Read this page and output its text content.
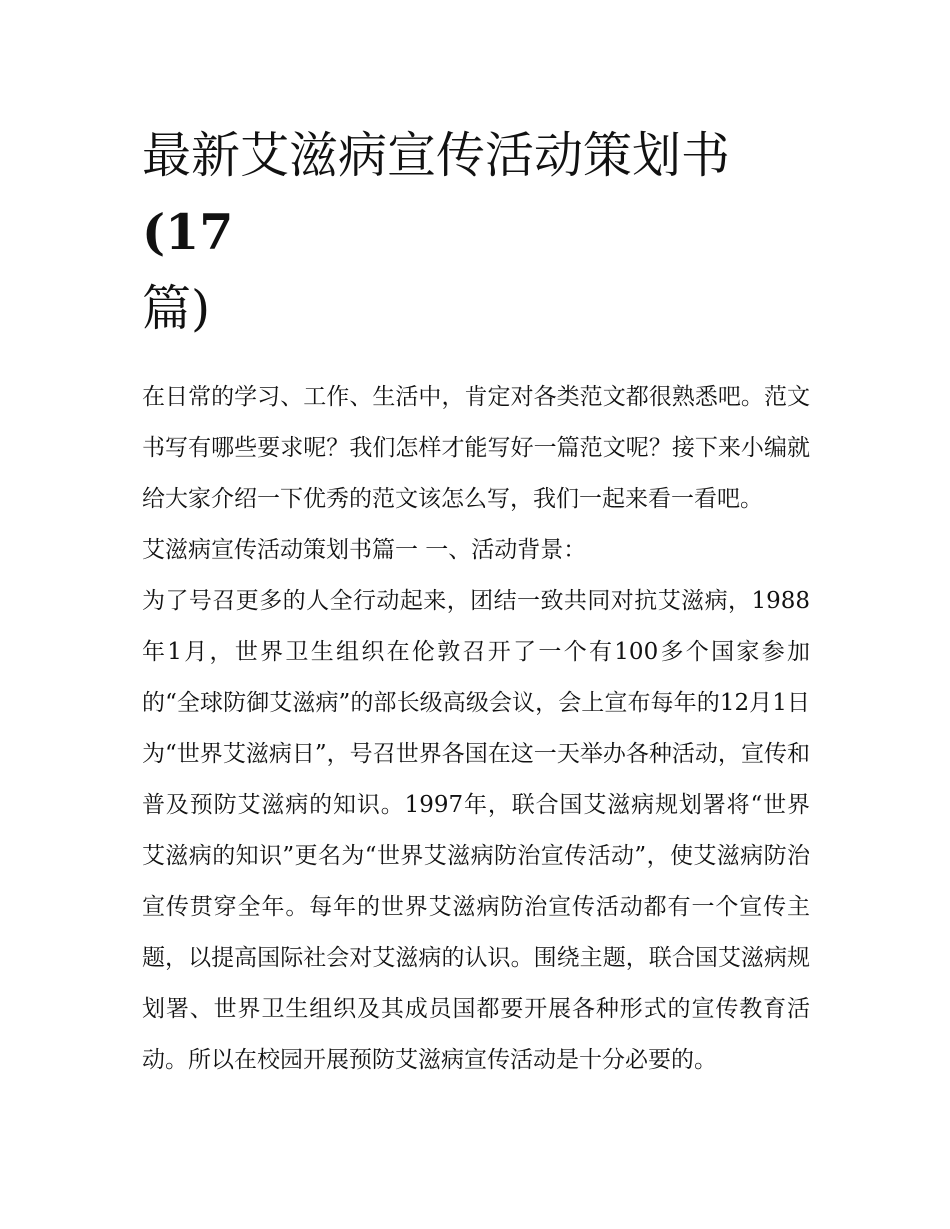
最新艾滋病宣传活动策划书(17
篇)

在日常的学习、工作、生活中，肯定对各类范文都很熟悉吧。范文书写有哪些要求呢？我们怎样才能写好一篇范文呢？接下来小编就给大家介绍一下优秀的范文该怎么写，我们一起来看一看吧。

艾滋病宣传活动策划书篇一 一、活动背景：

为了号召更多的人全行动起来，团结一致共同对抗艾滋病，1988年1月，世界卫生组织在伦敦召开了一个有100多个国家参加的“全球防御艾滋病”的部长级高级会议，会上宣布每年的12月1日为“世界艾滋病日”，号召世界各国在这一天举办各种活动，宣传和普及预防艾滋病的知识。1997年，联合国艾滋病规划署将“世界艾滋病的知识”更名为“世界艾滋病防治宣传活动”，使艾滋病防治宣传贯穿全年。每年的世界艾滋病防治宣传活动都有一个宣传主题，以提高国际社会对艾滋病的认识。围绕主题，联合国艾滋病规划署、世界卫生组织及其成员国都要开展各种形式的宣传教育活动。所以在校园开展预防艾滋病宣传活动是十分必要的。
